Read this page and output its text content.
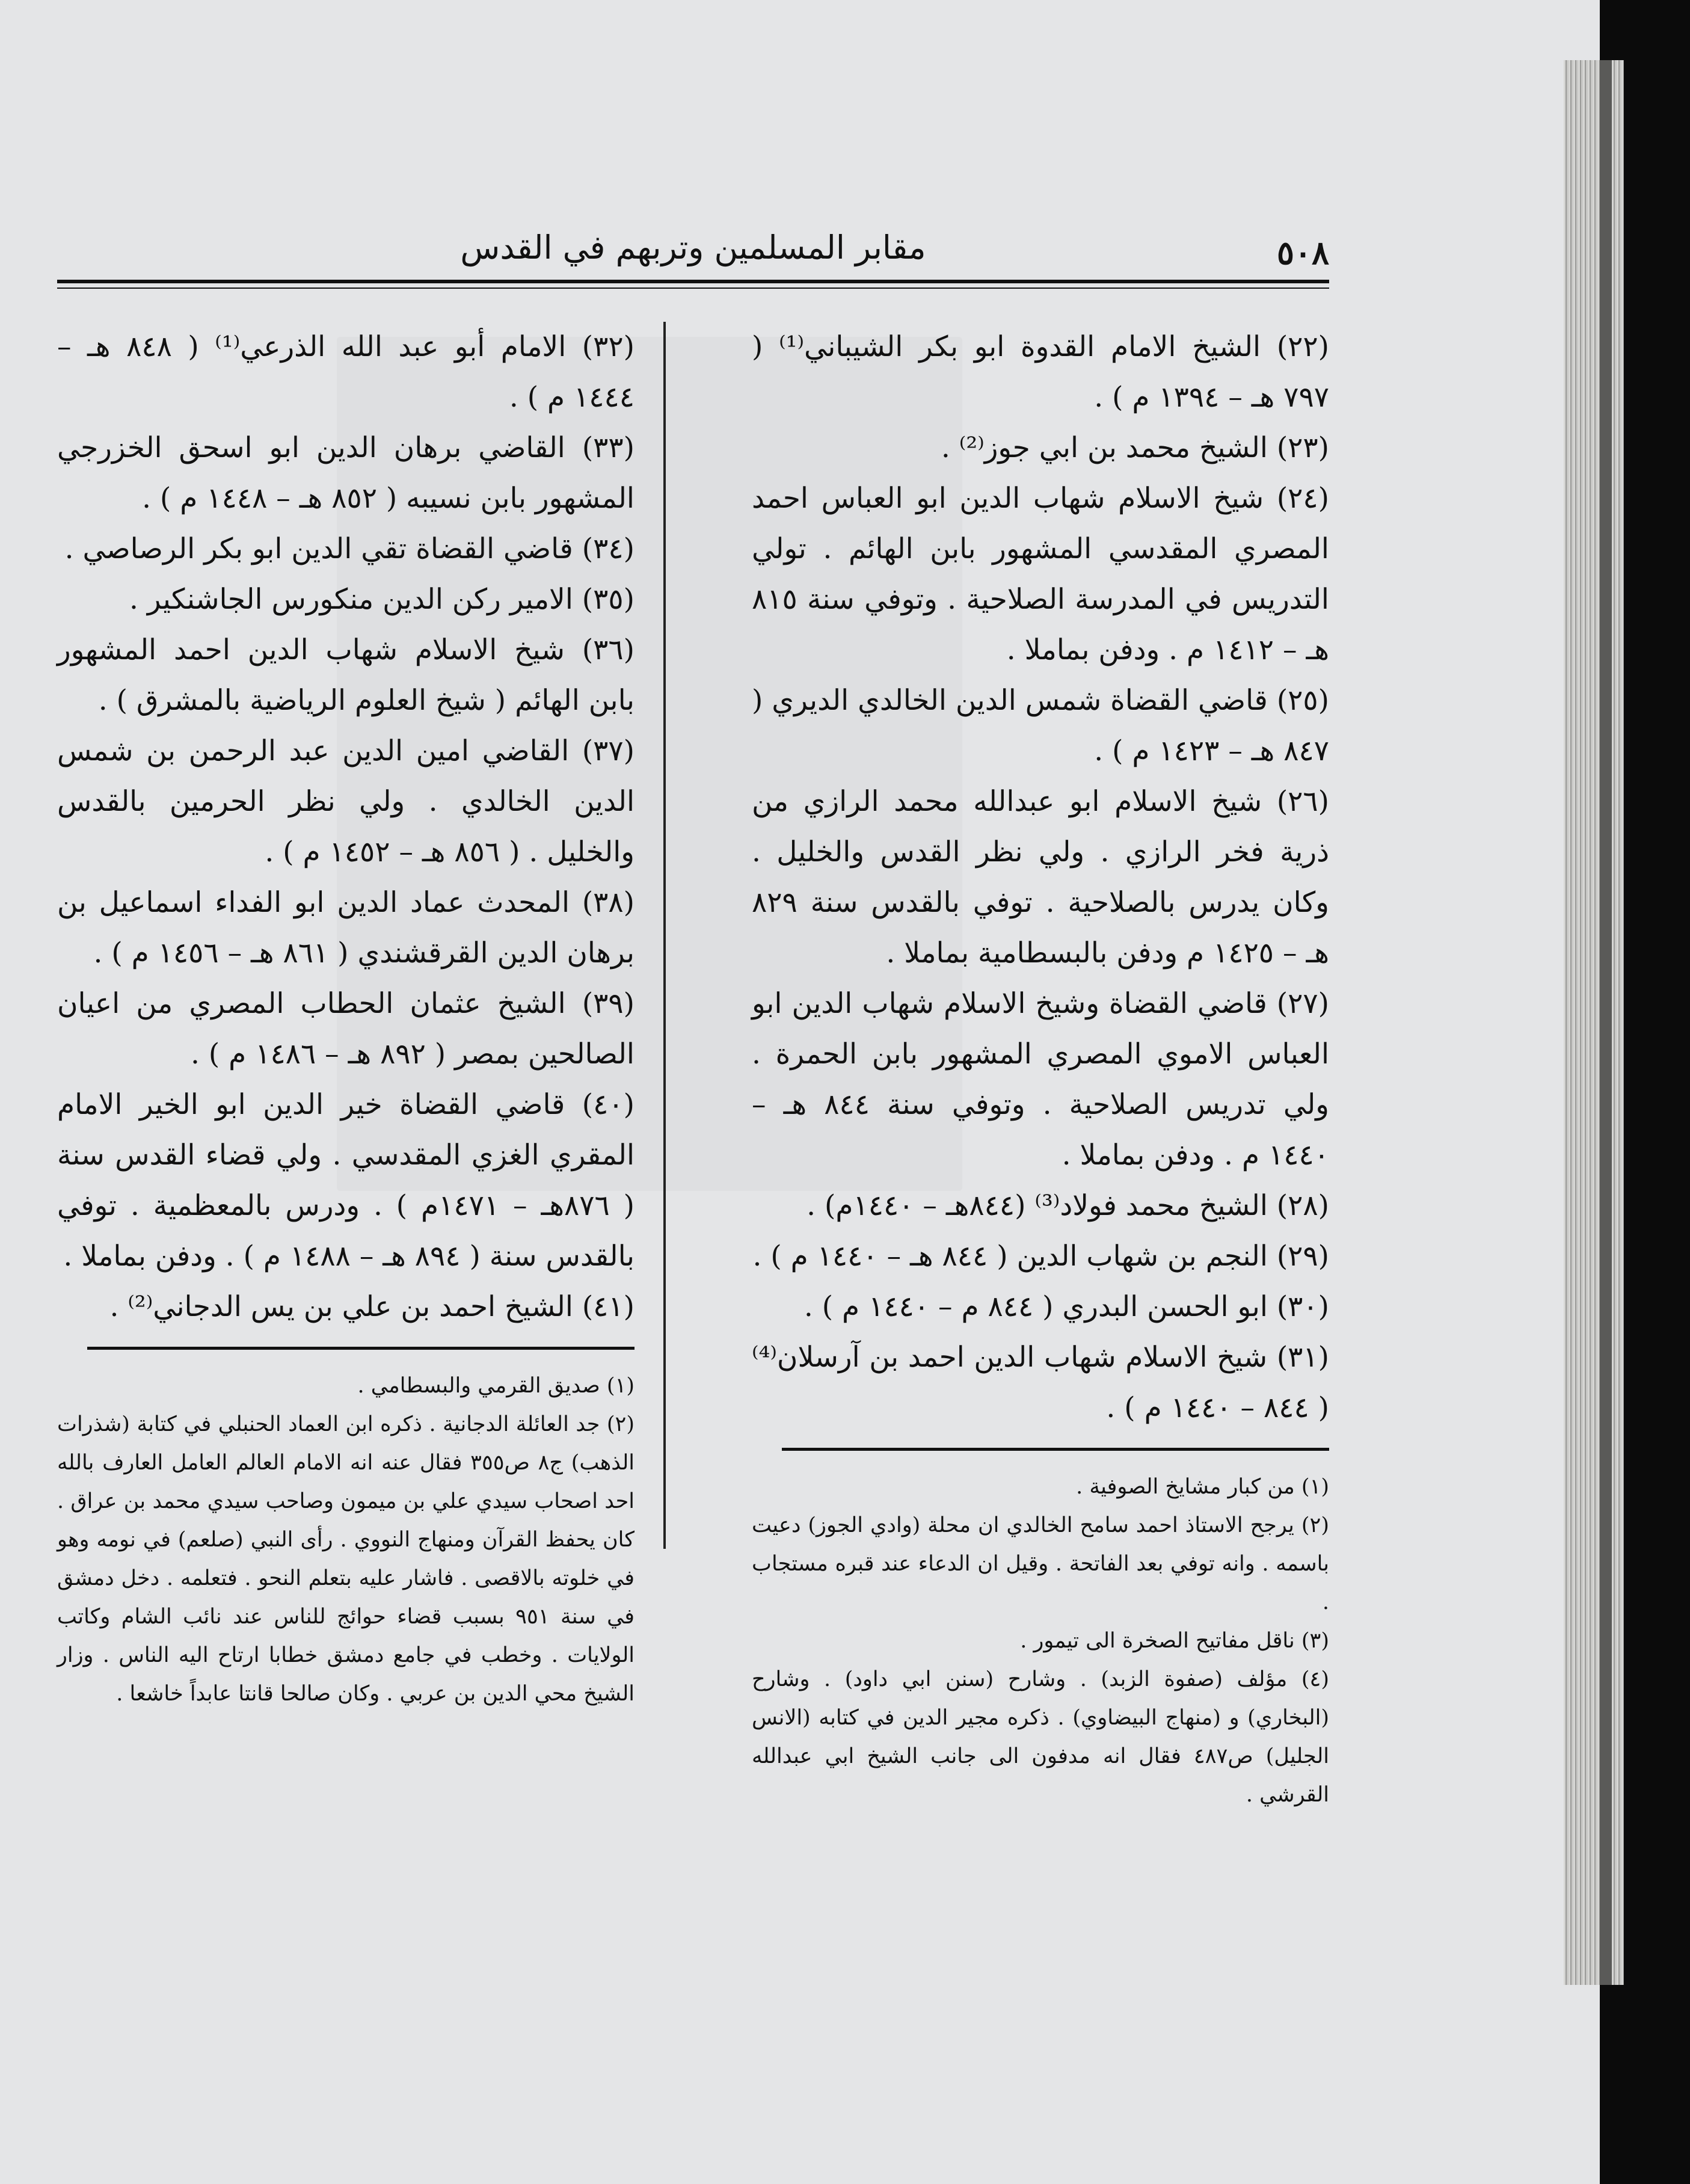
٥٠٨
مقابر المسلمين وتربهم في القدس

(٢٢) الشيخ الامام القدوة ابو بكر الشيباني⁽¹⁾ ( ٧٩٧ هـ – ١٣٩٤ م ) .

(٢٣) الشيخ محمد بن ابي جوز⁽²⁾ .

(٢٤) شيخ الاسلام شهاب الدين ابو العباس احمد المصري المقدسي المشهور بابن الهائم . تولي التدريس في المدرسة الصلاحية . وتوفي سنة ٨١٥ هـ – ١٤١٢ م . ودفن بماملا .

(٢٥) قاضي القضاة شمس الدين الخالدي الديري ( ٨٤٧ هـ – ١٤٢٣ م ) .

(٢٦) شيخ الاسلام ابو عبدالله محمد الرازي من ذرية فخر الرازي . ولي نظر القدس والخليل . وكان يدرس بالصلاحية . توفي بالقدس سنة ٨٢٩ هـ – ١٤٢٥ م ودفن بالبسطامية بماملا .

(٢٧) قاضي القضاة وشيخ الاسلام شهاب الدين ابو العباس الاموي المصري المشهور بابن الحمرة . ولي تدريس الصلاحية . وتوفي سنة ٨٤٤ هـ – ١٤٤٠ م . ودفن بماملا .

(٢٨) الشيخ محمد فولاد⁽³⁾ (٨٤٤هـ – ١٤٤٠م) .

(٢٩) النجم بن شهاب الدين ( ٨٤٤ هـ – ١٤٤٠ م ) .

(٣٠) ابو الحسن البدري ( ٨٤٤ م – ١٤٤٠ م ) .

(٣١) شيخ الاسلام شهاب الدين احمد بن آرسلان⁽⁴⁾ ( ٨٤٤ – ١٤٤٠ م ) .

(١) من كبار مشايخ الصوفية .

(٢) يرجح الاستاذ احمد سامح الخالدي ان محلة (وادي الجوز) دعيت باسمه . وانه توفي بعد الفاتحة . وقيل ان الدعاء عند قبره مستجاب .

(٣) ناقل مفاتيح الصخرة الى تيمور .

(٤) مؤلف (صفوة الزبد) . وشارح (سنن ابي داود) . وشارح (البخاري) و (منهاج البيضاوي) . ذكره مجير الدين في كتابه (الانس الجليل) ص٤٨٧ فقال انه مدفون الى جانب الشيخ ابي عبدالله القرشي .

(٣٢) الامام أبو عبد الله الذرعي⁽¹⁾ ( ٨٤٨ هـ – ١٤٤٤ م ) .

(٣٣) القاضي برهان الدين ابو اسحق الخزرجي المشهور بابن نسيبه ( ٨٥٢ هـ – ١٤٤٨ م ) .

(٣٤) قاضي القضاة تقي الدين ابو بكر الرصاصي .

(٣٥) الامير ركن الدين منكورس الجاشنكير .

(٣٦) شيخ الاسلام شهاب الدين احمد المشهور بابن الهائم ( شيخ العلوم الرياضية بالمشرق ) .

(٣٧) القاضي امين الدين عبد الرحمن بن شمس الدين الخالدي . ولي نظر الحرمين بالقدس والخليل . ( ٨٥٦ هـ – ١٤٥٢ م ) .

(٣٨) المحدث عماد الدين ابو الفداء اسماعيل بن برهان الدين القرقشندي ( ٨٦١ هـ – ١٤٥٦ م ) .

(٣٩) الشيخ عثمان الحطاب المصري من اعيان الصالحين بمصر ( ٨٩٢ هـ – ١٤٨٦ م ) .

(٤٠) قاضي القضاة خير الدين ابو الخير الامام المقري الغزي المقدسي . ولي قضاء القدس سنة ( ٨٧٦هـ – ١٤٧١م ) . ودرس بالمعظمية . توفي بالقدس سنة ( ٨٩٤ هـ – ١٤٨٨ م ) . ودفن بماملا .

(٤١) الشيخ احمد بن علي بن يس الدجاني⁽²⁾ .

(١) صديق القرمي والبسطامي .

(٢) جد العائلة الدجانية . ذكره ابن العماد الحنبلي في كتابة (شذرات الذهب) ج٨ ص٣٥٥ فقال عنه انه الامام العالم العامل العارف بالله احد اصحاب سيدي علي بن ميمون وصاحب سيدي محمد بن عراق . كان يحفظ القرآن ومنهاج النووي . رأى النبي (صلعم) في نومه وهو في خلوته بالاقصى . فاشار عليه بتعلم النحو . فتعلمه . دخل دمشق في سنة ٩٥١ بسبب قضاء حوائج للناس عند نائب الشام وكاتب الولايات . وخطب في جامع دمشق خطابا ارتاح اليه الناس . وزار الشيخ محي الدين بن عربي . وكان صالحا قانتا عابداً خاشعا .
